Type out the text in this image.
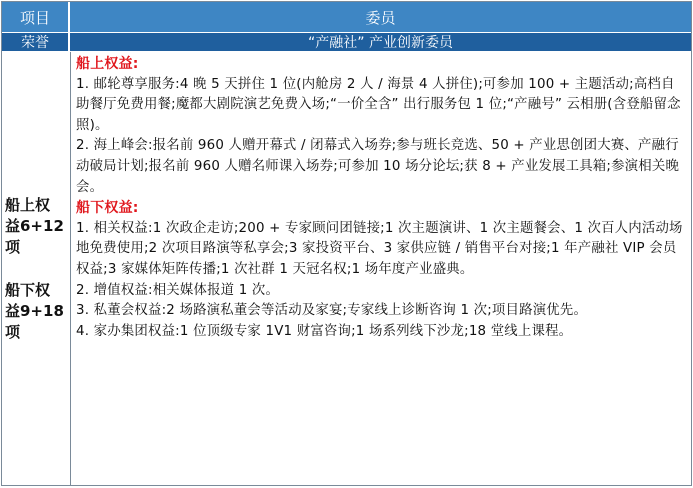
项目	委员
荣誉	“产融社” 产业创新委员
船上权
益6+12
项
船下权
益9+18
项
船上权益:

1. 邮轮尊享服务:4 晚 5 天拼住 1 位(内舱房 2 人 / 海景 4 人拼住);可参加 100 + 主题活动;高档自助餐厅免费用餐;魔都大剧院演艺免费入场;“一价全含” 出行服务包 1 位;“产融号” 云相册(含登船留念照)。

2. 海上峰会:报名前 960 人赠开幕式 / 闭幕式入场券;参与班长竞选、50 + 产业思创团大赛、产融行动破局计划;报名前 960 人赠名师课入场券;可参加 10 场分论坛;获 8 + 产业发展工具箱;参演相关晚会。

船下权益:

1. 相关权益:1 次政企走访;200 + 专家顾问团链接;1 次主题演讲、1 次主题餐会、1 次百人内活动场地免费使用;2 次项目路演等私享会;3 家投资平台、3 家供应链 / 销售平台对接;1 年产融社 VIP 会员权益;3 家媒体矩阵传播;1 次社群 1 天冠名权;1 场年度产业盛典。

2. 增值权益:相关媒体报道 1 次。

3. 私董会权益:2 场路演私董会等活动及家宴;专家线上诊断咨询 1 次;项目路演优先。

4. 家办集团权益:1 位顶级专家 1V1 财富咨询;1 场系列线下沙龙;18 堂线上课程。
